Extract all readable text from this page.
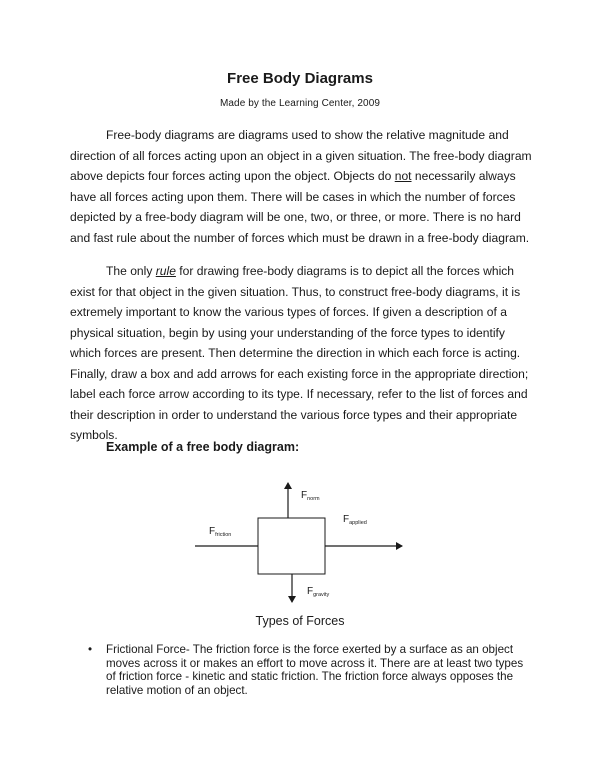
Free Body Diagrams
Made by the Learning Center, 2009

Free-body diagrams are diagrams used to show the relative magnitude and direction of all forces acting upon an object in a given situation. The free-body diagram above depicts four forces acting upon the object. Objects do not necessarily always have all forces acting upon them. There will be cases in which the number of forces depicted by a free-body diagram will be one, two, or three, or more. There is no hard and fast rule about the number of forces which must be drawn in a free-body diagram.

The only rule for drawing free-body diagrams is to depict all the forces which exist for that object in the given situation. Thus, to construct free-body diagrams, it is extremely important to know the various types of forces. If given a description of a physical situation, begin by using your understanding of the force types to identify which forces are present. Then determine the direction in which each force is acting. Finally, draw a box and add arrows for each existing force in the appropriate direction; label each force arrow according to its type. If necessary, refer to the list of forces and their description in order to understand the various force types and their appropriate symbols.

Example of a free body diagram:
$F_{norm}$
$F_{applied}$
$F_{friction}$
$F_{gravity}$
Types of Forces
• Frictional Force- The friction force is the force exerted by a surface as an object moves across it or makes an effort to move across it. There are at least two types of friction force - kinetic and static friction. The friction force always opposes the relative motion of an object.
